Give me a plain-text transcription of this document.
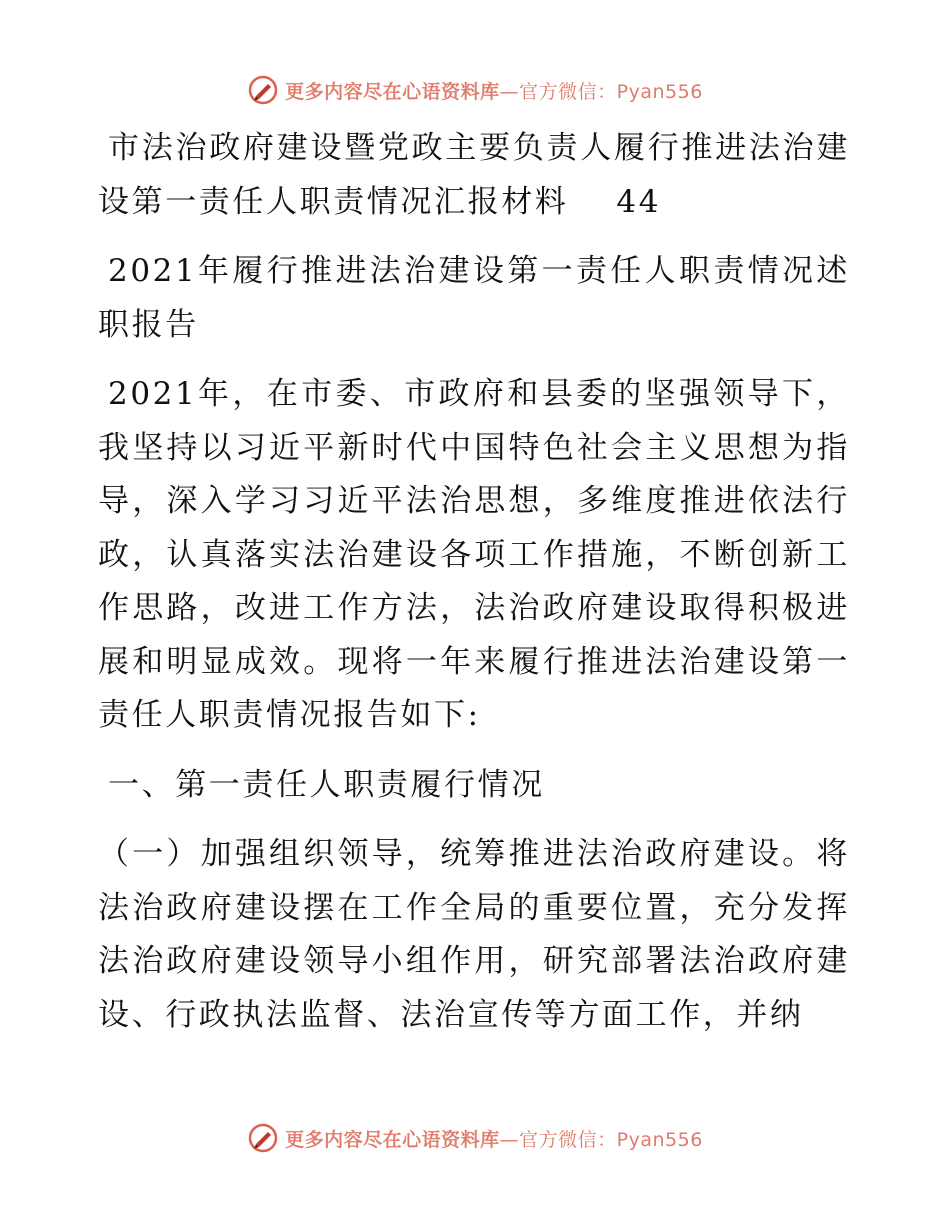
更多内容尽在心语资料库—官方微信：Pyan556

市法治政府建设暨党政主要负责人履行推进法治建设第一责任人职责情况汇报材料 44

2021年履行推进法治建设第一责任人职责情况述职报告

2021年，在市委、市政府和县委的坚强领导下，我坚持以习近平新时代中国特色社会主义思想为指导，深入学习习近平法治思想，多维度推进依法行政，认真落实法治建设各项工作措施，不断创新工作思路，改进工作方法，法治政府建设取得积极进展和明显成效。现将一年来履行推进法治建设第一责任人职责情况报告如下:

一、第一责任人职责履行情况

（一）加强组织领导，统筹推进法治政府建设。将法治政府建设摆在工作全局的重要位置，充分发挥法治政府建设领导小组作用，研究部署法治政府建设、行政执法监督、法治宣传等方面工作，并纳

更多内容尽在心语资料库—官方微信：Pyan556
